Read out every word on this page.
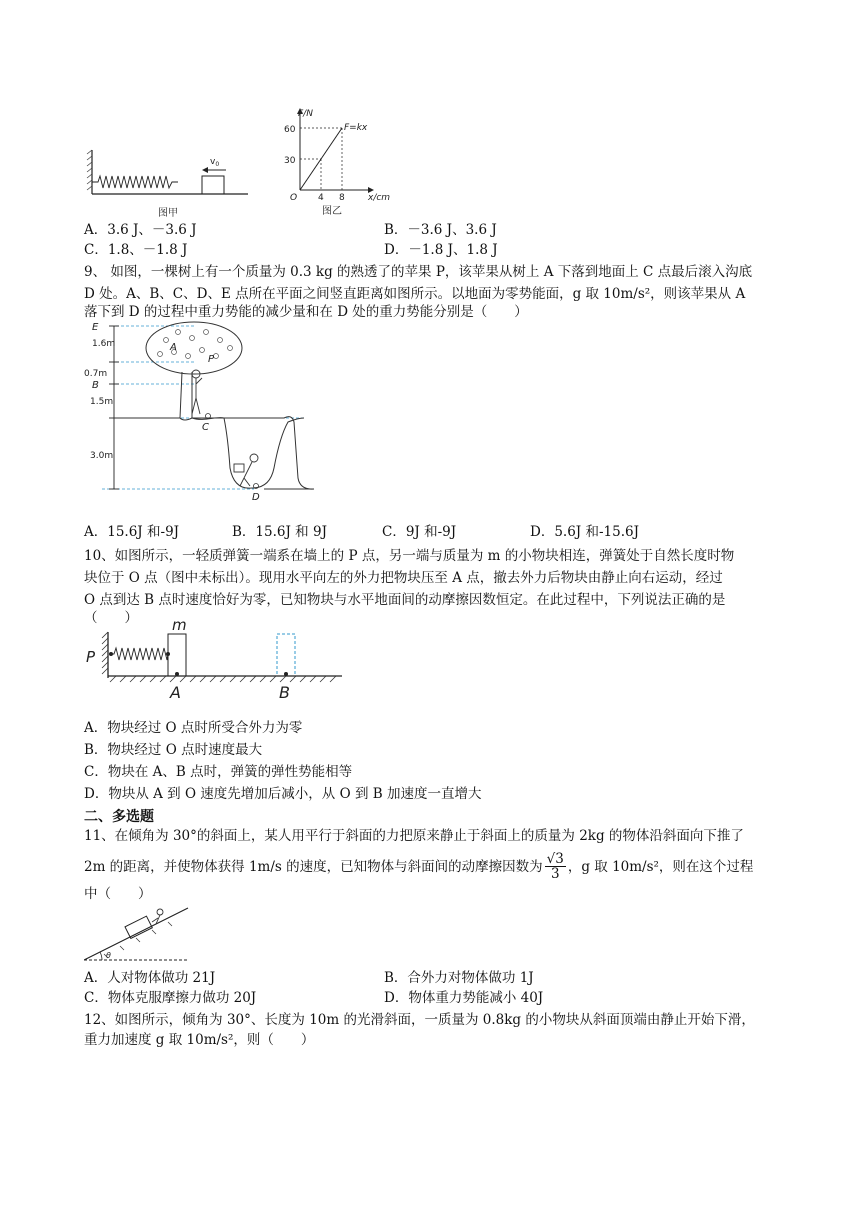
$v_0$
图甲
F/N
x/cm
60
30
4 8
O
F=kx
图乙
A．3.6 J、－3.6 J	B．－3.6 J、3.6 J
C．1.8、－1.8 J	D．－1.8 J、1.8 J
9、 如图，一棵树上有一个质量为 0.3 kg 的熟透了的苹果 P，该苹果从树上 A 下落到地面上 C 点最后滚入沟底
D 处。A、B、C、D、E 点所在平面之间竖直距离如图所示。以地面为零势能面，g 取 10m/s²，则该苹果从 A
落下到 D 的过程中重力势能的减少量和在 D 处的重力势能分别是（　　）
E
B
1.6m
0.7m
1.5m
3.0m
A
P
C
D
A．15.6J 和-9J	B．15.6J 和 9J	C．9J 和-9J	D．5.6J 和-15.6J
10、如图所示，一轻质弹簧一端系在墙上的 P 点，另一端与质量为 m 的小物块相连，弹簧处于自然长度时物
块位于 O 点（图中未标出）。现用水平向左的外力把物块压至 A 点，撤去外力后物块由静止向右运动，经过
O 点到达 B 点时速度恰好为零，已知物块与水平地面间的动摩擦因数恒定。在此过程中，下列说法正确的是
（　　）
P
m
A	B
A．物块经过 O 点时所受合外力为零
B．物块经过 O 点时速度最大
C．物块在 A、B 点时，弹簧的弹性势能相等
D．物块从 A 到 O 速度先增加后减小，从 O 到 B 加速度一直增大
二、多选题
11、在倾角为 30°的斜面上，某人用平行于斜面的力把原来静止于斜面上的质量为 2kg 的物体沿斜面向下推了
2m 的距离，并使物体获得 1m/s 的速度，已知物体与斜面间的动摩擦因数为 $\frac{√3}{3}$ ，g 取 10m/s²，则在这个过程
中（　　）
θ
A．人对物体做功 21J	B．合外力对物体做功 1J
C．物体克服摩擦力做功 20J	D．物体重力势能减小 40J
12、如图所示，倾角为 30°、长度为 10m 的光滑斜面，一质量为 0.8kg 的小物块从斜面顶端由静止开始下滑，
重力加速度 g 取 10m/s²，则（　　）
